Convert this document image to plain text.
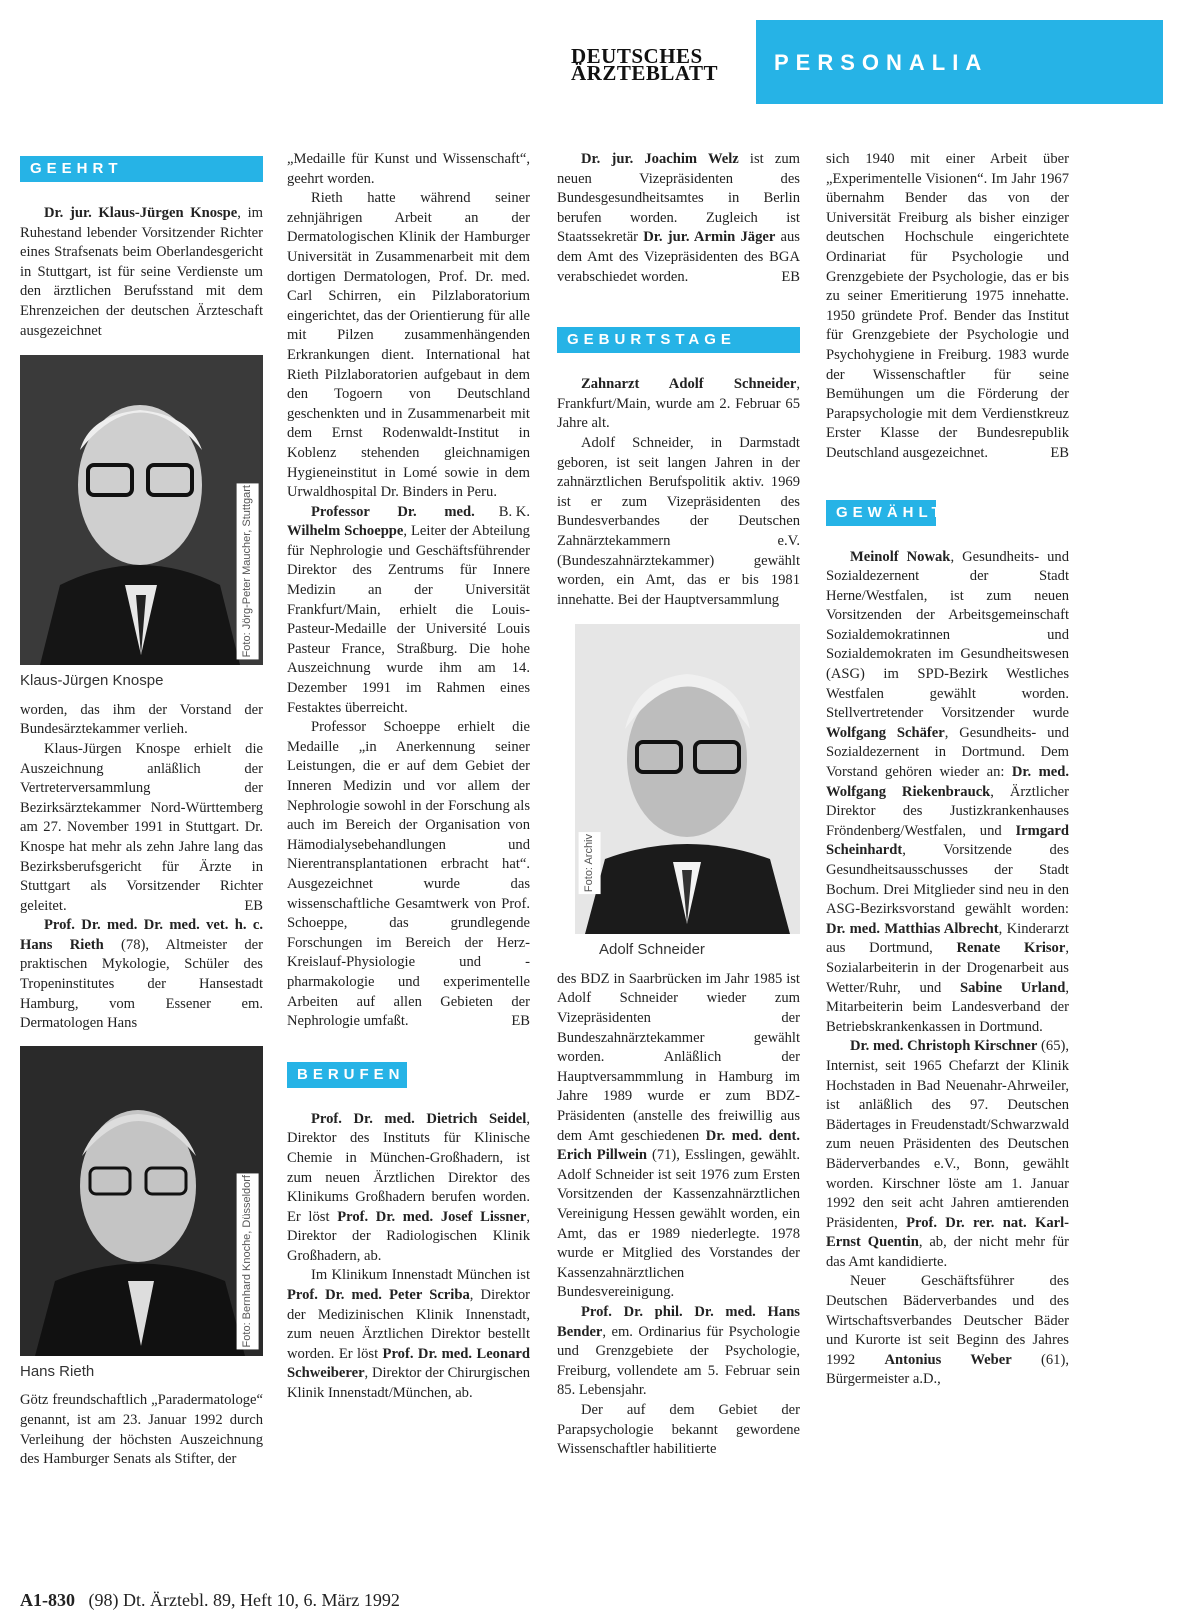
DEUTSCHES
ÄRZTEBLATT	PERSONALIA
GEEHRT

Dr. jur. Klaus-Jürgen Knospe, im Ruhestand lebender Vorsitzender Richter eines Strafsenats beim Oberlandesgericht in Stuttgart, ist für seine Verdienste um den ärztlichen Berufsstand mit dem Ehrenzeichen der deutschen Ärzteschaft ausgezeichnet

Foto: Jörg-Peter Maucher, Stuttgart
Klaus-Jürgen Knospe

worden, das ihm der Vorstand der Bundesärztekammer verlieh.

Klaus-Jürgen Knospe erhielt die Auszeichnung anläßlich der Vertreterversammlung der Bezirksärztekammer Nord-Württemberg am 27. November 1991 in Stuttgart. Dr. Knospe hat mehr als zehn Jahre lang das Bezirksberufsgericht für Ärzte in Stuttgart als Vorsitzender Richter geleitet.	EB

Prof. Dr. med. Dr. med. vet. h. c. Hans Rieth (78), Altmeister der praktischen Mykologie, Schüler des Tropeninstitutes der Hansestadt Hamburg, vom Essener em. Dermatologen Hans

Foto: Bernhard Knoche, Düsseldorf
Hans Rieth

Götz freundschaftlich „Paradermatologe“ genannt, ist am 23. Januar 1992 durch Verleihung der höchsten Auszeichnung des Hamburger Senats als Stifter, der

„Medaille für Kunst und Wissenschaft“, geehrt worden.

Rieth hatte während seiner zehnjährigen Arbeit an der Dermatologischen Klinik der Hamburger Universität in Zusammenarbeit mit dem dortigen Dermatologen, Prof. Dr. med. Carl Schirren, ein Pilzlaboratorium eingerichtet, das der Orientierung für alle mit Pilzen zusammenhängenden Erkrankungen dient. International hat Rieth Pilzlaboratorien aufgebaut in dem den Togoern von Deutschland geschenkten und in Zusammenarbeit mit dem Ernst Rodenwaldt-Institut in Koblenz stehenden gleichnamigen Hygieneinstitut in Lomé sowie in dem Urwaldhospital Dr. Binders in Peru.
B. K.

Professor Dr. med. Wilhelm Schoeppe, Leiter der Abteilung für Nephrologie und Geschäftsführender Direktor des Zentrums für Innere Medizin an der Universität Frankfurt/Main, erhielt die Louis-Pasteur-Medaille der Université Louis Pasteur France, Straßburg. Die hohe Auszeichnung wurde ihm am 14. Dezember 1991 im Rahmen eines Festaktes überreicht.

Professor Schoeppe erhielt die Medaille „in Anerkennung seiner Leistungen, die er auf dem Gebiet der Inneren Medizin und vor allem der Nephrologie sowohl in der Forschung als auch im Bereich der Organisation von Hämodialysebehandlungen und Nierentransplantationen erbracht hat“. Ausgezeichnet wurde das wissenschaftliche Gesamtwerk von Prof. Schoeppe, das grundlegende Forschungen im Bereich der Herz-Kreislauf-Physiologie und -pharmakologie und experimentelle Arbeiten auf allen Gebieten der Nephrologie umfaßt.	EB

BERUFEN

Prof. Dr. med. Dietrich Seidel, Direktor des Instituts für Klinische Chemie in München-Großhadern, ist zum neuen Ärztlichen Direktor des Klinikums Großhadern berufen worden. Er löst Prof. Dr. med. Josef Lissner, Direktor der Radiologischen Klinik Großhadern, ab.

Im Klinikum Innenstadt München ist Prof. Dr. med. Peter Scriba, Direktor der Medizinischen Klinik Innenstadt, zum neuen Ärztlichen Direktor bestellt worden. Er löst Prof. Dr. med. Leonard Schweiberer, Direktor der Chirurgischen Klinik Innenstadt/München, ab.

Dr. jur. Joachim Welz ist zum neuen Vizepräsidenten des Bundesgesundheitsamtes in Berlin berufen worden. Zugleich ist Staatssekretär Dr. jur. Armin Jäger aus dem Amt des Vizepräsidenten des BGA verabschiedet worden.	EB

GEBURTSTAGE

Zahnarzt Adolf Schneider, Frankfurt/Main, wurde am 2. Februar 65 Jahre alt.

Adolf Schneider, in Darmstadt geboren, ist seit langen Jahren in der zahnärztlichen Berufspolitik aktiv. 1969 ist er zum Vizepräsidenten des Bundesverbandes der Deutschen Zahnärztekammern e.V. (Bundeszahnärztekammer) gewählt worden, ein Amt, das er bis 1981 innehatte. Bei der Hauptversammlung

Foto: Archiv
Adolf Schneider

des BDZ in Saarbrücken im Jahr 1985 ist Adolf Schneider wieder zum Vizepräsidenten der Bundeszahnärztekammer gewählt worden. Anläßlich der Hauptversammmlung in Hamburg im Jahre 1989 wurde er zum BDZ-Präsidenten (anstelle des freiwillig aus dem Amt geschiedenen Dr. med. dent. Erich Pillwein (71), Esslingen, gewählt. Adolf Schneider ist seit 1976 zum Ersten Vorsitzenden der Kassenzahnärztlichen Vereinigung Hessen gewählt worden, ein Amt, das er 1989 niederlegte. 1978 wurde er Mitglied des Vorstandes der Kassenzahnärztlichen Bundesvereinigung.

Prof. Dr. phil. Dr. med. Hans Bender, em. Ordinarius für Psychologie und Grenzgebiete der Psychologie, Freiburg, vollendete am 5. Februar sein 85. Lebensjahr.

Der auf dem Gebiet der Parapsychologie bekannt gewordene Wissenschaftler habilitierte

sich 1940 mit einer Arbeit über „Experimentelle Visionen“. Im Jahr 1967 übernahm Bender das von der Universität Freiburg als bisher einziger deutschen Hochschule eingerichtete Ordinariat für Psychologie und Grenzgebiete der Psychologie, das er bis zu seiner Emeritierung 1975 innehatte. 1950 gründete Prof. Bender das Institut für Grenzgebiete der Psychologie und Psychohygiene in Freiburg. 1983 wurde der Wissenschaftler für seine Bemühungen um die Förderung der Parapsychologie mit dem Verdienstkreuz Erster Klasse der Bundesrepublik Deutschland ausgezeichnet.	EB

GEWÄHLT

Meinolf Nowak, Gesundheits- und Sozialdezernent der Stadt Herne/Westfalen, ist zum neuen Vorsitzenden der Arbeitsgemeinschaft Sozialdemokratinnen und Sozialdemokraten im Gesundheitswesen (ASG) im SPD-Bezirk Westliches Westfalen gewählt worden. Stellvertretender Vorsitzender wurde Wolfgang Schäfer, Gesundheits- und Sozialdezernent in Dortmund. Dem Vorstand gehören wieder an: Dr. med. Wolfgang Riekenbrauck, Ärztlicher Direktor des Justizkrankenhauses Fröndenberg/Westfalen, und Irmgard Scheinhardt, Vorsitzende des Gesundheitsausschusses der Stadt Bochum. Drei Mitglieder sind neu in den ASG-Bezirksvorstand gewählt worden: Dr. med. Matthias Albrecht, Kinderarzt aus Dortmund, Renate Krisor, Sozialarbeiterin in der Drogenarbeit aus Wetter/Ruhr, und Sabine Urland, Mitarbeiterin beim Landesverband der Betriebskrankenkassen in Dortmund.

Dr. med. Christoph Kirschner (65), Internist, seit 1965 Chefarzt der Klinik Hochstaden in Bad Neuenahr-Ahrweiler, ist anläßlich des 97. Deutschen Bädertages in Freudenstadt/Schwarzwald zum neuen Präsidenten des Deutschen Bäderverbandes e.V., Bonn, gewählt worden. Kirschner löste am 1. Januar 1992 den seit acht Jahren amtierenden Präsidenten, Prof. Dr. rer. nat. Karl-Ernst Quentin, ab, der nicht mehr für das Amt kandidierte.

Neuer Geschäftsführer des Deutschen Bäderverbandes und des Wirtschaftsverbandes Deutscher Bäder und Kurorte ist seit Beginn des Jahres 1992 Antonius Weber (61), Bürgermeister a.D.,

A1-830 (98) Dt. Ärztebl. 89, Heft 10, 6. März 1992
